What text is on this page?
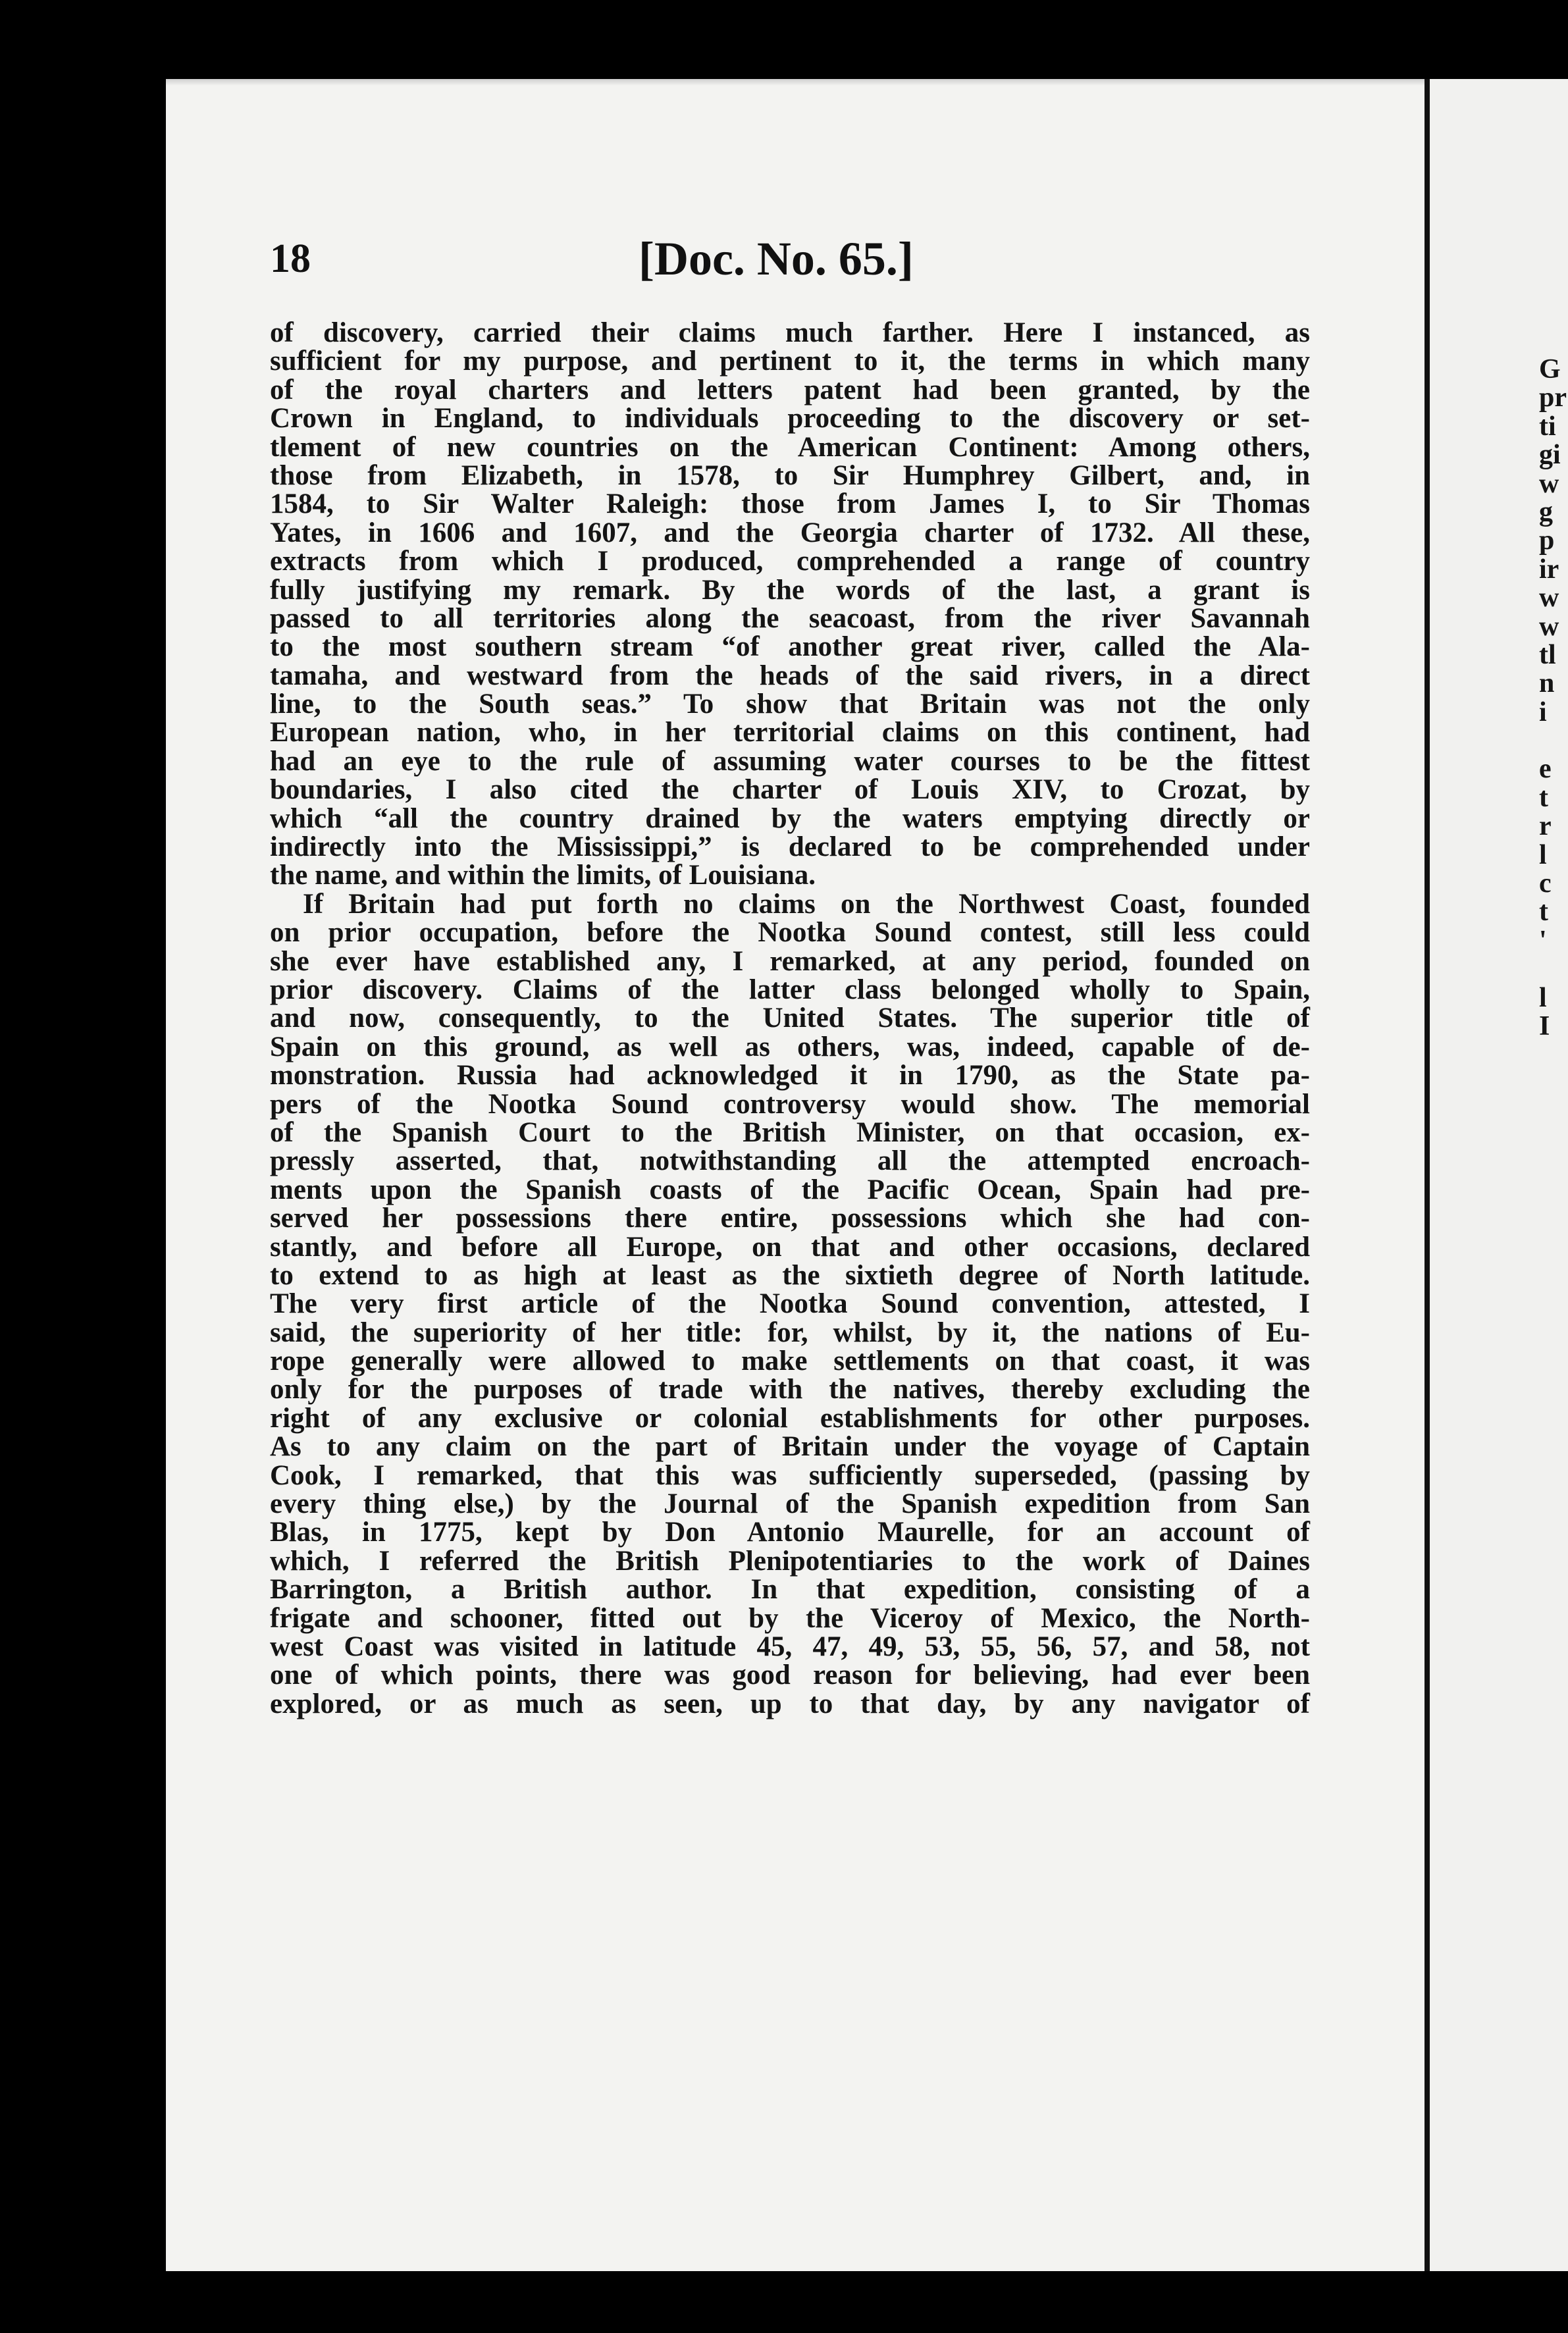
18	[Doc. No. 65.]
of discovery, carried their claims much farther. Here I instanced, as
sufficient for my purpose, and pertinent to it, the terms in which many
of the royal charters and letters patent had been granted, by the
Crown in England, to individuals proceeding to the discovery or set-
tlement of new countries on the American Continent: Among others,
those from Elizabeth, in 1578, to Sir Humphrey Gilbert, and, in
1584, to Sir Walter Raleigh: those from James I, to Sir Thomas
Yates, in 1606 and 1607, and the Georgia charter of 1732. All these,
extracts from which I produced, comprehended a range of country
fully justifying my remark. By the words of the last, a grant is
passed to all territories along the seacoast, from the river Savannah
to the most southern stream “of another great river, called the Ala-
tamaha, and westward from the heads of the said rivers, in a direct
line, to the South seas.” To show that Britain was not the only
European nation, who, in her territorial claims on this continent, had
had an eye to the rule of assuming water courses to be the fittest
boundaries, I also cited the charter of Louis XIV, to Crozat, by
which “all the country drained by the waters emptying directly or
indirectly into the Mississippi,” is declared to be comprehended under
the name, and within the limits, of Louisiana.
If Britain had put forth no claims on the Northwest Coast, founded
on prior occupation, before the Nootka Sound contest, still less could
she ever have established any, I remarked, at any period, founded on
prior discovery. Claims of the latter class belonged wholly to Spain,
and now, consequently, to the United States. The superior title of
Spain on this ground, as well as others, was, indeed, capable of de-
monstration. Russia had acknowledged it in 1790, as the State pa-
pers of the Nootka Sound controversy would show. The memorial
of the Spanish Court to the British Minister, on that occasion, ex-
pressly asserted, that, notwithstanding all the attempted encroach-
ments upon the Spanish coasts of the Pacific Ocean, Spain had pre-
served her possessions there entire, possessions which she had con-
stantly, and before all Europe, on that and other occasions, declared
to extend to as high at least as the sixtieth degree of North latitude.
The very first article of the Nootka Sound convention, attested, I
said, the superiority of her title: for, whilst, by it, the nations of Eu-
rope generally were allowed to make settlements on that coast, it was
only for the purposes of trade with the natives, thereby excluding the
right of any exclusive or colonial establishments for other purposes.
As to any claim on the part of Britain under the voyage of Captain
Cook, I remarked, that this was sufficiently superseded, (passing by
every thing else,) by the Journal of the Spanish expedition from San
Blas, in 1775, kept by Don Antonio Maurelle, for an account of
which, I referred the British Plenipotentiaries to the work of Daines
Barrington, a British author. In that expedition, consisting of a
frigate and schooner, fitted out by the Viceroy of Mexico, the North-
west Coast was visited in latitude 45, 47, 49, 53, 55, 56, 57, and 58, not
one of which points, there was good reason for believing, had ever been
explored, or as much as seen, up to that day, by any navigator of
G
pr
ti
gi
w
g
p
ir
w
w
tl
n
i
e
t
r
l
c
t
'
l
I
